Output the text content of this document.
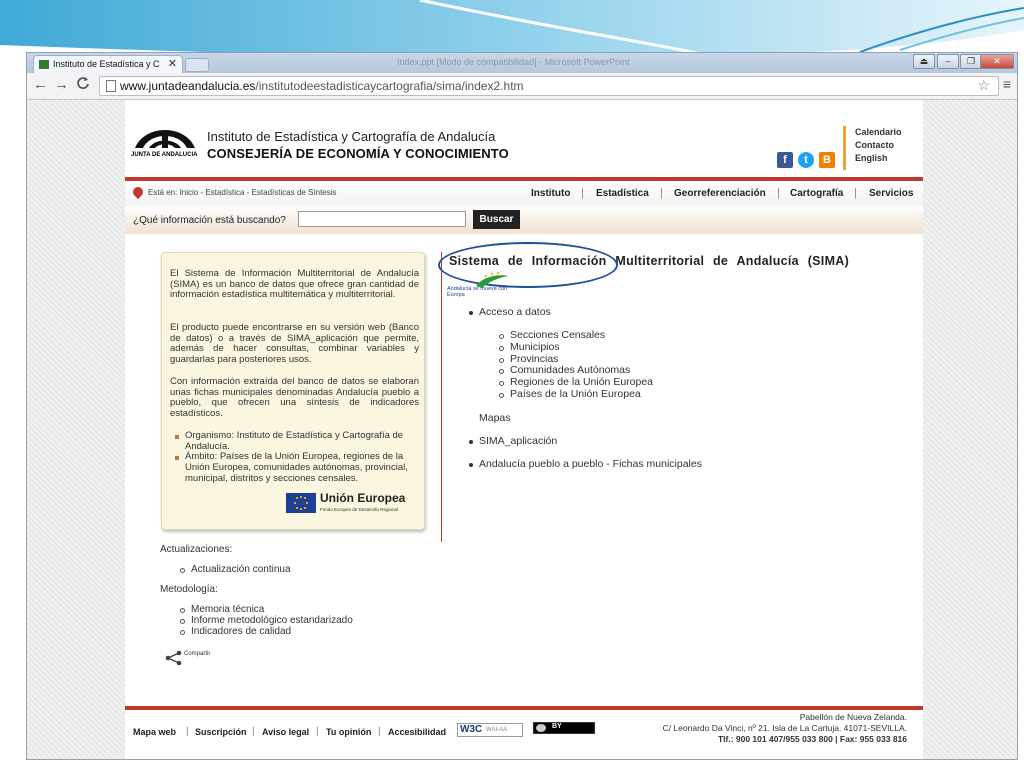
Instituto de Estadística y C ✕	Index.ppt [Modo de compatibilidad] - Microsoft PowerPoint	⏏	–	❐	✕
← →	www.juntadeandalucia.es/institutodeestadisticaycartografia/sima/index2.htm	☆ ≡
JUNTA DE ANDALUCIA
Instituto de Estadística y Cartografía de Andalucía
CONSEJERÍA DE ECONOMÍA Y CONOCIMIENTO
Calendario
Contacto
English
f	t	B
Está en: Inicio - Estadística - Estadísticas de Síntesis	Instituto | Estadística | Georreferenciación | Cartografía | Servicios
¿Qué información está buscando?	Buscar

El Sistema de Información Multiterritorial de Andalucía (SIMA) es un banco de datos que ofrece gran cantidad de información estadística multitemática y multiterritorial.

El producto puede encontrarse en su versión web (Banco de datos) o a través de SIMA_aplicación que permite, además de hacer consultas, combinar variables y guardarlas para posteriores usos.

Con información extraída del banco de datos se elaboran unas fichas municipales denominadas Andalucía pueblo a pueblo, que ofrecen una síntesis de indicadores estadísticos.

Organismo: Instituto de Estadística y Cartografía de Andalucía.
Ámbito: Países de la Unión Europea, regiones de la Unión Europea, comunidades autónomas, provincial, municipal, distritos y secciones censales.
Unión Europea
Fondo Europeo de Desarrollo Regional
Sistema de Información Multiterritorial de Andalucía (SIMA)
Andalucía se mueve con Europa
Acceso a datos
Secciones Censales
Municipios
Provincias
Comunidades Autónomas
Regiones de la Unión Europea
Países de la Unión Europea
Mapas
SIMA_aplicación
Andalucía pueblo a pueblo - Fichas municipales
Actualizaciones:
Actualización continua
Metodología:
Memoria técnica
Informe metodológico estandarizado
Indicadores de calidad
Compartir
Mapa web | Suscripción | Aviso legal | Tu opinión | Accesibilidad W3C WAI-AA	BY
Pabellón de Nueva Zelanda.
C/ Leonardo Da Vinci, nº 21. Isla de La Cartuja. 41071-SEVILLA.
Tlf.: 900 101 407/955 033 800 | Fax: 955 033 816
